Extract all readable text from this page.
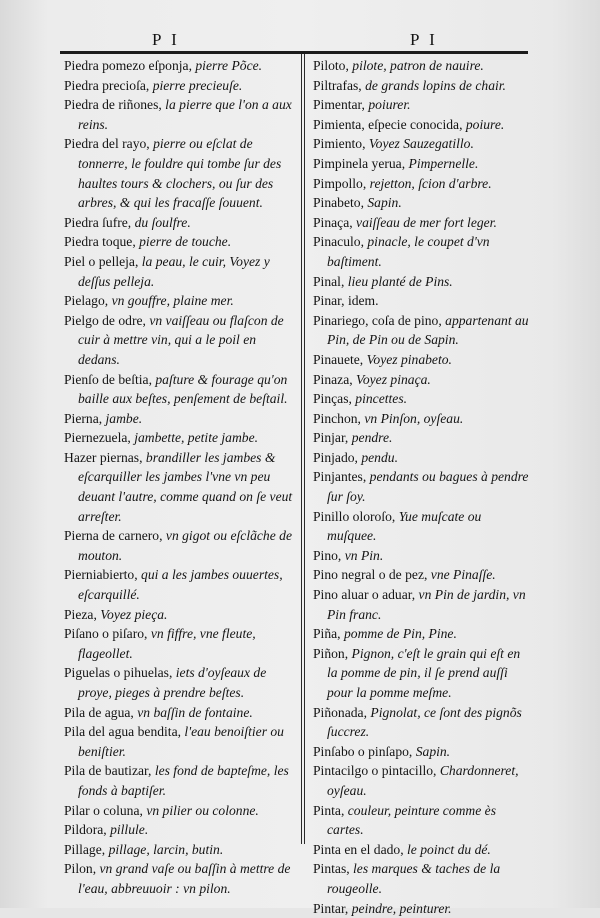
P I	P I

Piedra pomezo eſponja, pierre Põce.

Piedra precioſa, pierre precieuſe.

Piedra de riñones, la pierre que l'on a aux reins.

Piedra del rayo, pierre ou eſclat de tonnerre, le fouldre qui tombe ſur des haultes tours & clochers, ou ſur des arbres, & qui les fracaſſe ſouuent.

Piedra ſufre, du ſoulfre.

Piedra toque, pierre de touche.

Piel o pelleja, la peau, le cuir, Voyez y deſſus pelleja.

Pielago, vn gouffre, plaine mer.

Pielgo de odre, vn vaiſſeau ou flaſcon de cuir à mettre vin, qui a le poil en dedans.

Pienſo de beſtia, paſture & fourage qu'on baille aux beſtes, penſement de beſtail.

Pierna, jambe.

Piernezuela, jambette, petite jambe.

Hazer piernas, brandiller les jambes & eſcarquiller les jambes l'vne vn peu deuant l'autre, comme quand on ſe veut arreſter.

Pierna de carnero, vn gigot ou eſclãche de mouton.

Pierniabierto, qui a les jambes ouuertes, eſcarquillé.

Pieza, Voyez pieça.

Piſano o piſaro, vn fiffre, vne fleute, flageollet.

Piguelas o pihuelas, iets d'oyſeaux de proye, pieges à prendre beſtes.

Pila de agua, vn baſſin de fontaine.

Pila del agua bendita, l'eau benoiſtier ou beniſtier.

Pila de bautizar, les fond de bapteſme, les fonds à baptiſer.

Pilar o coluna, vn pilier ou colonne.

Pildora, pillule.

Pillage, pillage, larcin, butin.

Pilon, vn grand vaſe ou baſſin à mettre de l'eau, abbreuuoir : vn pilon.

Piloto, pilote, patron de nauire.

Piltrafas, de grands lopins de chair.

Pimentar, poiurer.

Pimienta, eſpecie conocida, poiure.

Pimiento, Voyez Sauzegatillo.

Pimpinela yerua, Pimpernelle.

Pimpollo, rejetton, ſcion d'arbre.

Pinabeto, Sapin.

Pinaça, vaiſſeau de mer fort leger.

Pinaculo, pinacle, le coupet d'vn baſtiment.

Pinal, lieu planté de Pins.

Pinar, idem.

Pinariego, coſa de pino, appartenant au Pin, de Pin ou de Sapin.

Pinauete, Voyez pinabeto.

Pinaza, Voyez pinaça.

Pinças, pincettes.

Pinchon, vn Pinſon, oyſeau.

Pinjar, pendre.

Pinjado, pendu.

Pinjantes, pendants ou bagues à pendre ſur ſoy.

Pinillo oloroſo, Yue muſcate ou muſquee.

Pino, vn Pin.

Pino negral o de pez, vne Pinaſſe.

Pino aluar o aduar, vn Pin de jardin, vn Pin franc.

Piña, pomme de Pin, Pine.

Piñon, Pignon, c'eſt le grain qui eſt en la pomme de pin, il ſe prend auſſi pour la pomme meſme.

Piñonada, Pignolat, ce ſont des pignõs ſuccrez.

Pinſabo o pinſapo, Sapin.

Pintacilgo o pintacillo, Chardonneret, oyſeau.

Pinta, couleur, peinture comme ès cartes.

Pinta en el dado, le poinct du dé.

Pintas, les marques & taches de la rougeolle.

Pintar, peindre, peinturer.
